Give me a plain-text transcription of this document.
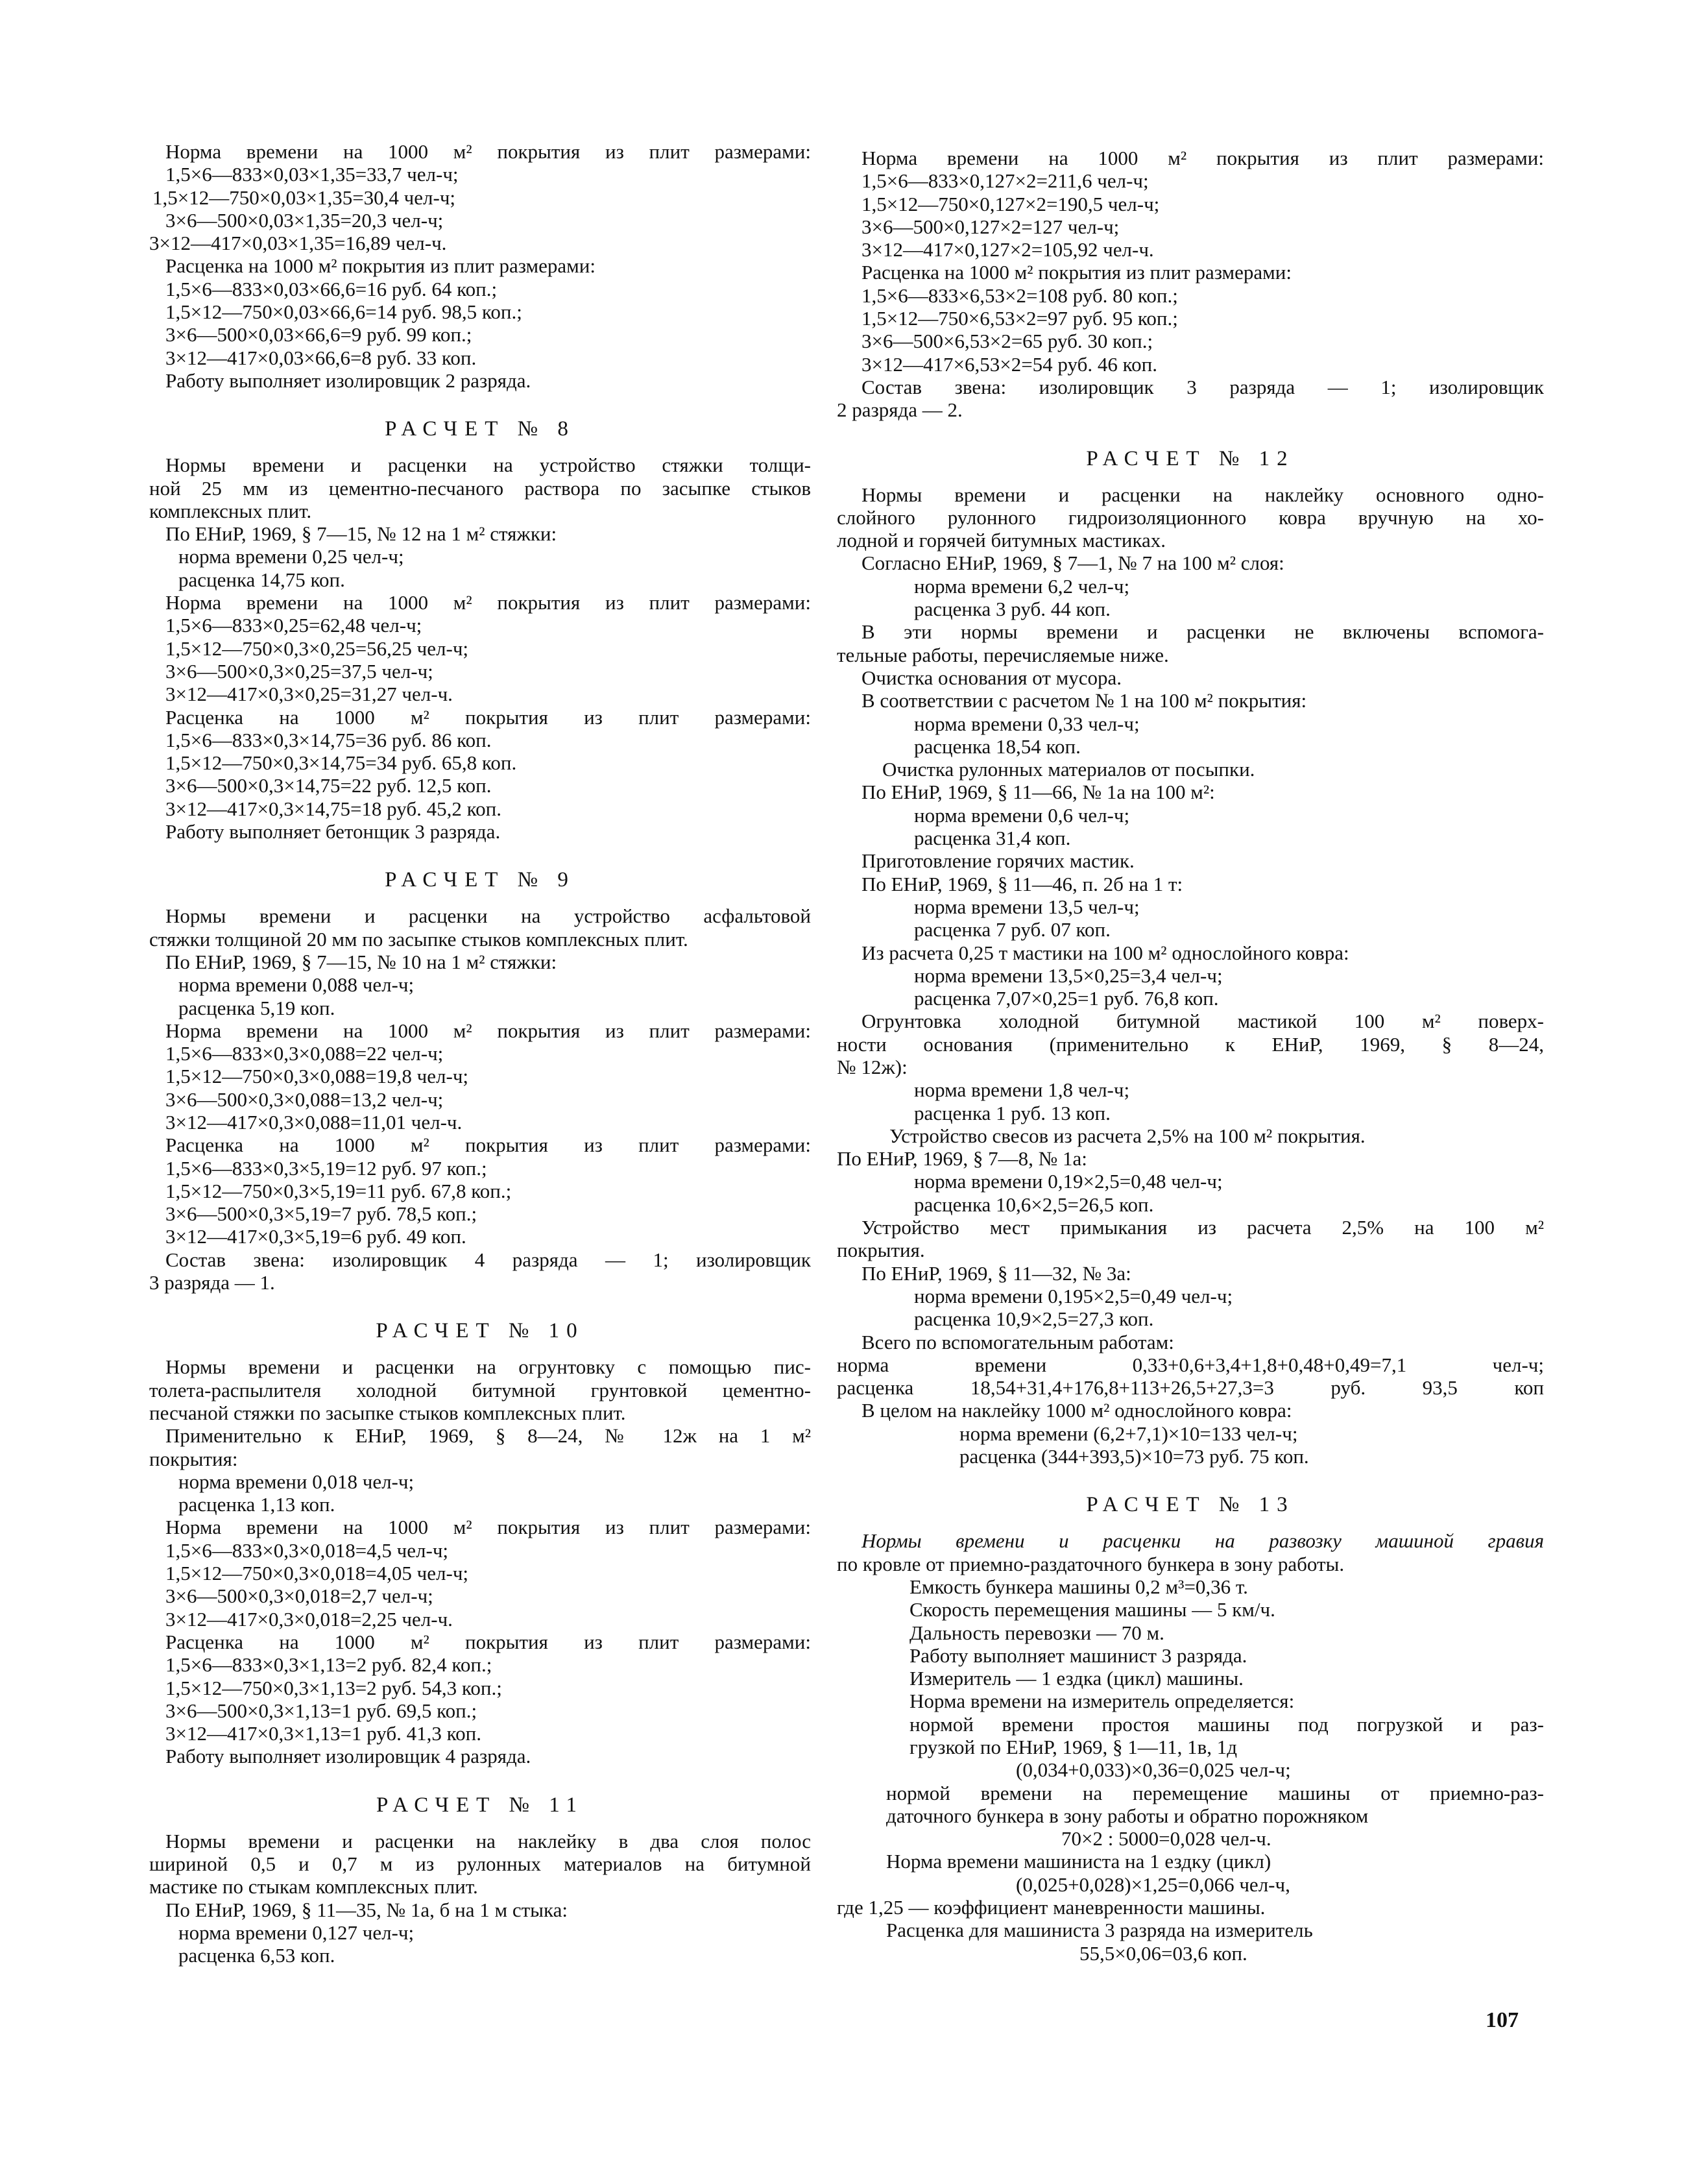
Норма времени на 1000 м² покрытия из плит размерами:
1,5×6—833×0,03×1,35=33,7 чел-ч;
1,5×12—750×0,03×1,35=30,4 чел-ч;
3×6—500×0,03×1,35=20,3 чел-ч;
3×12—417×0,03×1,35=16,89 чел-ч.
Расценка на 1000 м² покрытия из плит размерами:
1,5×6—833×0,03×66,6=16 руб. 64 коп.;
1,5×12—750×0,03×66,6=14 руб. 98,5 коп.;
3×6—500×0,03×66,6=9 руб. 99 коп.;
3×12—417×0,03×66,6=8 руб. 33 коп.
Работу выполняет изолировщик 2 разряда.
РАСЧЕТ № 8
Нормы времени и расценки на устройство стяжки толщи-
ной 25 мм из цементно-песчаного раствора по засыпке стыков
комплексных плит.
По ЕНиР, 1969, § 7—15, № 12 на 1 м² стяжки:
норма времени 0,25 чел-ч;
расценка 14,75 коп.
Норма времени на 1000 м² покрытия из плит размерами:
1,5×6—833×0,25=62,48 чел-ч;
1,5×12—750×0,3×0,25=56,25 чел-ч;
3×6—500×0,3×0,25=37,5 чел-ч;
3×12—417×0,3×0,25=31,27 чел-ч.
Расценка на 1000 м² покрытия из плит размерами:
1,5×6—833×0,3×14,75=36 руб. 86 коп.
1,5×12—750×0,3×14,75=34 руб. 65,8 коп.
3×6—500×0,3×14,75=22 руб. 12,5 коп.
3×12—417×0,3×14,75=18 руб. 45,2 коп.
Работу выполняет бетонщик 3 разряда.
РАСЧЕТ № 9
Нормы времени и расценки на устройство асфальтовой
стяжки толщиной 20 мм по засыпке стыков комплексных плит.
По ЕНиР, 1969, § 7—15, № 10 на 1 м² стяжки:
норма времени 0,088 чел-ч;
расценка 5,19 коп.
Норма времени на 1000 м² покрытия из плит размерами:
1,5×6—833×0,3×0,088=22 чел-ч;
1,5×12—750×0,3×0,088=19,8 чел-ч;
3×6—500×0,3×0,088=13,2 чел-ч;
3×12—417×0,3×0,088=11,01 чел-ч.
Расценка на 1000 м² покрытия из плит размерами:
1,5×6—833×0,3×5,19=12 руб. 97 коп.;
1,5×12—750×0,3×5,19=11 руб. 67,8 коп.;
3×6—500×0,3×5,19=7 руб. 78,5 коп.;
3×12—417×0,3×5,19=6 руб. 49 коп.
Состав звена: изолировщик 4 разряда — 1; изолировщик
3 разряда — 1.
РАСЧЕТ № 10
Нормы времени и расценки на огрунтовку с помощью пис-
толета-распылителя холодной битумной грунтовкой цементно-
песчаной стяжки по засыпке стыков комплексных плит.
Применительно к ЕНиР, 1969, § 8—24, № 12ж на 1 м²
покрытия:
норма времени 0,018 чел-ч;
расценка 1,13 коп.
Норма времени на 1000 м² покрытия из плит размерами:
1,5×6—833×0,3×0,018=4,5 чел-ч;
1,5×12—750×0,3×0,018=4,05 чел-ч;
3×6—500×0,3×0,018=2,7 чел-ч;
3×12—417×0,3×0,018=2,25 чел-ч.
Расценка на 1000 м² покрытия из плит размерами:
1,5×6—833×0,3×1,13=2 руб. 82,4 коп.;
1,5×12—750×0,3×1,13=2 руб. 54,3 коп.;
3×6—500×0,3×1,13=1 руб. 69,5 коп.;
3×12—417×0,3×1,13=1 руб. 41,3 коп.
Работу выполняет изолировщик 4 разряда.
РАСЧЕТ № 11
Нормы времени и расценки на наклейку в два слоя полос
шириной 0,5 и 0,7 м из рулонных материалов на битумной
мастике по стыкам комплексных плит.
По ЕНиР, 1969, § 11—35, № 1а, б на 1 м стыка:
норма времени 0,127 чел-ч;
расценка 6,53 коп.
Норма времени на 1000 м² покрытия из плит размерами:
1,5×6—833×0,127×2=211,6 чел-ч;
1,5×12—750×0,127×2=190,5 чел-ч;
3×6—500×0,127×2=127 чел-ч;
3×12—417×0,127×2=105,92 чел-ч.
Расценка на 1000 м² покрытия из плит размерами:
1,5×6—833×6,53×2=108 руб. 80 коп.;
1,5×12—750×6,53×2=97 руб. 95 коп.;
3×6—500×6,53×2=65 руб. 30 коп.;
3×12—417×6,53×2=54 руб. 46 коп.
Состав звена: изолировщик 3 разряда — 1; изолировщик
2 разряда — 2.
РАСЧЕТ № 12
Нормы времени и расценки на наклейку основного одно-
слойного рулонного гидроизоляционного ковра вручную на хо-
лодной и горячей битумных мастиках.
Согласно ЕНиР, 1969, § 7—1, № 7 на 100 м² слоя:
норма времени 6,2 чел-ч;
расценка 3 руб. 44 коп.
В эти нормы времени и расценки не включены вспомога-
тельные работы, перечисляемые ниже.
Очистка основания от мусора.
В соответствии с расчетом № 1 на 100 м² покрытия:
норма времени 0,33 чел-ч;
расценка 18,54 коп.
Очистка рулонных материалов от посыпки.
По ЕНиР, 1969, § 11—66, № 1а на 100 м²:
норма времени 0,6 чел-ч;
расценка 31,4 коп.
Приготовление горячих мастик.
По ЕНиР, 1969, § 11—46, п. 2б на 1 т:
норма времени 13,5 чел-ч;
расценка 7 руб. 07 коп.
Из расчета 0,25 т мастики на 100 м² однослойного ковра:
норма времени 13,5×0,25=3,4 чел-ч;
расценка 7,07×0,25=1 руб. 76,8 коп.
Огрунтовка холодной битумной мастикой 100 м² поверх-
ности основания (применительно к ЕНиР, 1969, § 8—24,
№ 12ж):
норма времени 1,8 чел-ч;
расценка 1 руб. 13 коп.
Устройство свесов из расчета 2,5% на 100 м² покрытия.
По ЕНиР, 1969, § 7—8, № 1а:
норма времени 0,19×2,5=0,48 чел-ч;
расценка 10,6×2,5=26,5 коп.
Устройство мест примыкания из расчета 2,5% на 100 м²
покрытия.
По ЕНиР, 1969, § 11—32, № 3а:
норма времени 0,195×2,5=0,49 чел-ч;
расценка 10,9×2,5=27,3 коп.
Всего по вспомогательным работам:
норма времени 0,33+0,6+3,4+1,8+0,48+0,49=7,1 чел-ч;
расценка 18,54+31,4+176,8+113+26,5+27,3=3 руб. 93,5 коп
В целом на наклейку 1000 м² однослойного ковра:
норма времени (6,2+7,1)×10=133 чел-ч;
расценка (344+393,5)×10=73 руб. 75 коп.
РАСЧЕТ № 13
Нормы времени и расценки на развозку машиной гравия
по кровле от приемно-раздаточного бункера в зону работы.
Емкость бункера машины 0,2 м³=0,36 т.
Скорость перемещения машины — 5 км/ч.
Дальность перевозки — 70 м.
Работу выполняет машинист 3 разряда.
Измеритель — 1 ездка (цикл) машины.
Норма времени на измеритель определяется:
нормой времени простоя машины под погрузкой и раз-
грузкой по ЕНиР, 1969, § 1—11, 1в, 1д
(0,034+0,033)×0,36=0,025 чел-ч;
нормой времени на перемещение машины от приемно-раз-
даточного бункера в зону работы и обратно порожняком
70×2 : 5000=0,028 чел-ч.
Норма времени машиниста на 1 ездку (цикл)
(0,025+0,028)×1,25=0,066 чел-ч,
где 1,25 — коэффициент маневренности машины.
Расценка для машиниста 3 разряда на измеритель
55,5×0,06=03,6 коп.
107
